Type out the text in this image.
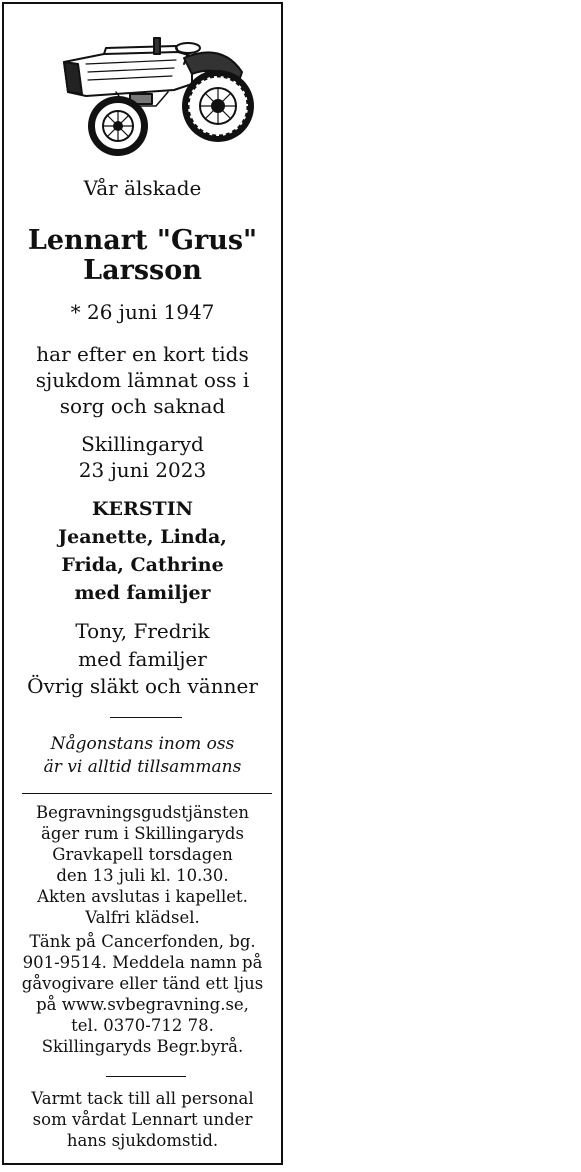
Vår älskade
Lennart "Grus"
Larsson
* 26 juni 1947
har efter en kort tids
sjukdom lämnat oss i
sorg och saknad
Skillingaryd
23 juni 2023
KERSTIN
Jeanette, Linda,
Frida, Cathrine
med familjer
Tony, Fredrik
med familjer
Övrig släkt och vänner
Någonstans inom oss
är vi alltid tillsammans
Begravningsgudstjänsten
äger rum i Skillingaryds
Gravkapell torsdagen
den 13 juli kl. 10.30.
Akten avslutas i kapellet.
Valfri klädsel.
Tänk på Cancerfonden, bg.
901-9514. Meddela namn på
gåvogivare eller tänd ett ljus
på www.svbegravning.se,
tel. 0370-712 78.
Skillingaryds Begr.byrå.
Varmt tack till all personal
som vårdat Lennart under
hans sjukdomstid.
